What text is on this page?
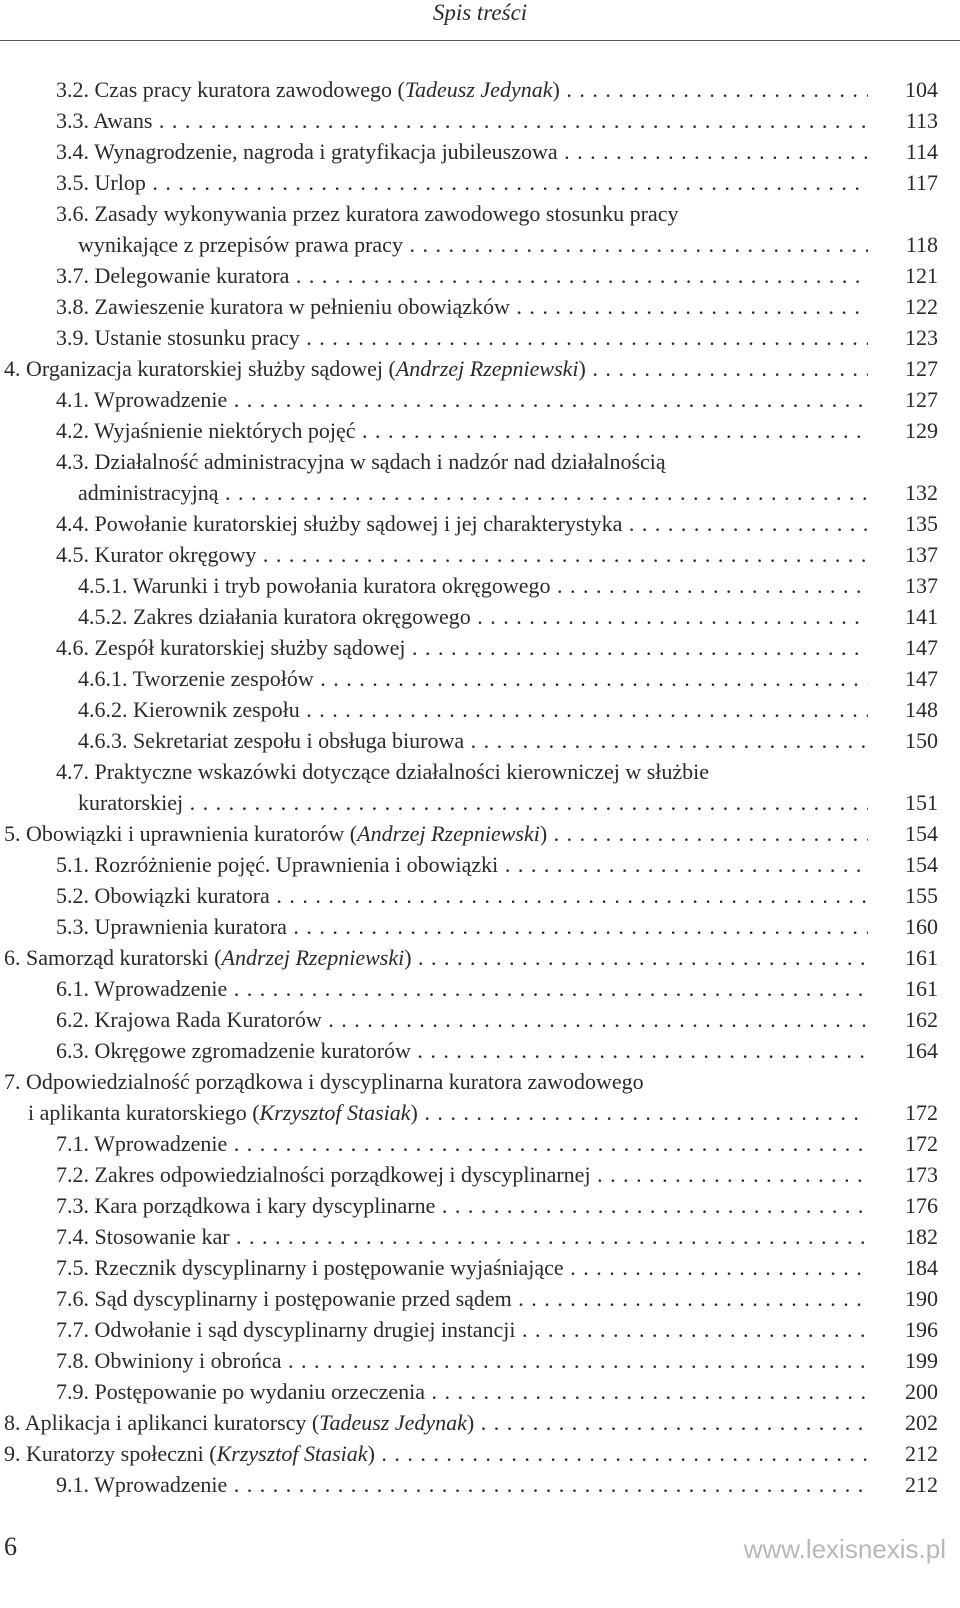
Spis treści
3.2. Czas pracy kuratora zawodowego (Tadeusz Jedynak) . . .	104
3.3. Awans . . .	113
3.4. Wynagrodzenie, nagroda i gratyfikacja jubileuszowa . . .	114
3.5. Urlop . . .	117
3.6. Zasady wykonywania przez kuratora zawodowego stosunku pracy
wynikające z przepisów prawa pracy . . .	118
3.7. Delegowanie kuratora . . .	121
3.8. Zawieszenie kuratora w pełnieniu obowiązków . . .	122
3.9. Ustanie stosunku pracy . . .	123
4. Organizacja kuratorskiej służby sądowej (Andrzej Rzepniewski) . . .	127
4.1. Wprowadzenie . . .	127
4.2. Wyjaśnienie niektórych pojęć . . .	129
4.3. Działalność administracyjna w sądach i nadzór nad działalnością
administracyjną . . .	132
4.4. Powołanie kuratorskiej służby sądowej i jej charakterystyka . . .	135
4.5. Kurator okręgowy . . .	137
4.5.1. Warunki i tryb powołania kuratora okręgowego . . .	137
4.5.2. Zakres działania kuratora okręgowego . . .	141
4.6. Zespół kuratorskiej służby sądowej . . .	147
4.6.1. Tworzenie zespołów . . .	147
4.6.2. Kierownik zespołu . . .	148
4.6.3. Sekretariat zespołu i obsługa biurowa . . .	150
4.7. Praktyczne wskazówki dotyczące działalności kierowniczej w służbie
kuratorskiej . . .	151
5. Obowiązki i uprawnienia kuratorów (Andrzej Rzepniewski) . . .	154
5.1. Rozróżnienie pojęć. Uprawnienia i obowiązki . . .	154
5.2. Obowiązki kuratora . . .	155
5.3. Uprawnienia kuratora . . .	160
6. Samorząd kuratorski (Andrzej Rzepniewski) . . .	161
6.1. Wprowadzenie . . .	161
6.2. Krajowa Rada Kuratorów . . .	162
6.3. Okręgowe zgromadzenie kuratorów . . .	164
7. Odpowiedzialność porządkowa i dyscyplinarna kuratora zawodowego
i aplikanta kuratorskiego (Krzysztof Stasiak) . . .	172
7.1. Wprowadzenie . . .	172
7.2. Zakres odpowiedzialności porządkowej i dyscyplinarnej . . .	173
7.3. Kara porządkowa i kary dyscyplinarne . . .	176
7.4. Stosowanie kar . . .	182
7.5. Rzecznik dyscyplinarny i postępowanie wyjaśniające . . .	184
7.6. Sąd dyscyplinarny i postępowanie przed sądem . . .	190
7.7. Odwołanie i sąd dyscyplinarny drugiej instancji . . .	196
7.8. Obwiniony i obrońca . . .	199
7.9. Postępowanie po wydaniu orzeczenia . . .	200
8. Aplikacja i aplikanci kuratorscy (Tadeusz Jedynak) . . .	202
9. Kuratorzy społeczni (Krzysztof Stasiak) . . .	212
9.1. Wprowadzenie . . .	212
6	www.lexisnexis.pl
